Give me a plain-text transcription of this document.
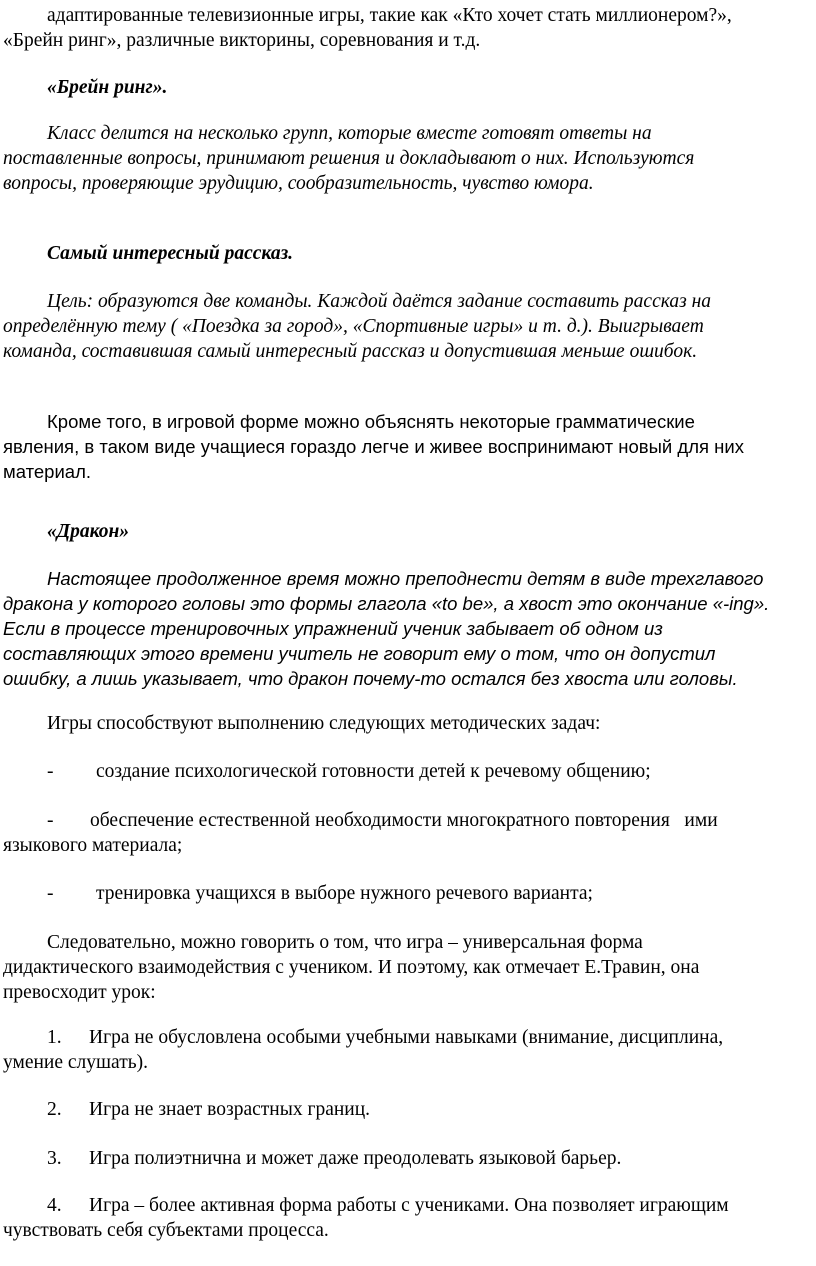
адаптированные телевизионные игры, такие как «Кто хочет стать миллионером?»,
«Брейн ринг», различные викторины, соревнования и т.д.
«Брейн ринг».
Класс делится на несколько групп, которые вместе готовят ответы на
поставленные вопросы, принимают решения и докладывают о них. Используются
вопросы, проверяющие эрудицию, сообразительность, чувство юмора.
Самый интересный рассказ.
Цель: образуются две команды. Каждой даётся задание составить рассказ на
определённую тему ( «Поездка за город», «Спортивные игры» и т. д.). Выигрывает
команда, составившая самый интересный рассказ и допустившая меньше ошибок.
Кроме того, в игровой форме можно объяснять некоторые грамматические
явления, в таком виде учащиеся гораздо легче и живее воспринимают новый для них
материал.
«Дракон»
Настоящее продолженное время можно преподнести детям в виде трехглавого
дракона у которого головы это формы глагола «to be», а хвост это окончание «-ing».
Если в процессе тренировочных упражнений ученик забывает об одном из
составляющих этого времени учитель не говорит ему о том, что он допустил
ошибку, а лишь указывает, что дракон почему-то остался без хвоста или головы.
Игры способствуют выполнению следующих методических задач:
- создание психологической готовности детей к речевому общению;
- обеспечение естественной необходимости многократного повторения   ими
языкового материала;
- тренировка учащихся в выборе нужного речевого варианта;
Следовательно, можно говорить о том, что игра – универсальная форма
дидактического взаимодействия с учеником. И поэтому, как отмечает Е.Травин, она
превосходит урок:
1. Игра не обусловлена особыми учебными навыками (внимание, дисциплина,
умение слушать).
2. Игра не знает возрастных границ.
3. Игра полиэтнична и может даже преодолевать языковой барьер.
4. Игра – более активная форма работы с учениками. Она позволяет играющим
чувствовать себя субъектами процесса.
